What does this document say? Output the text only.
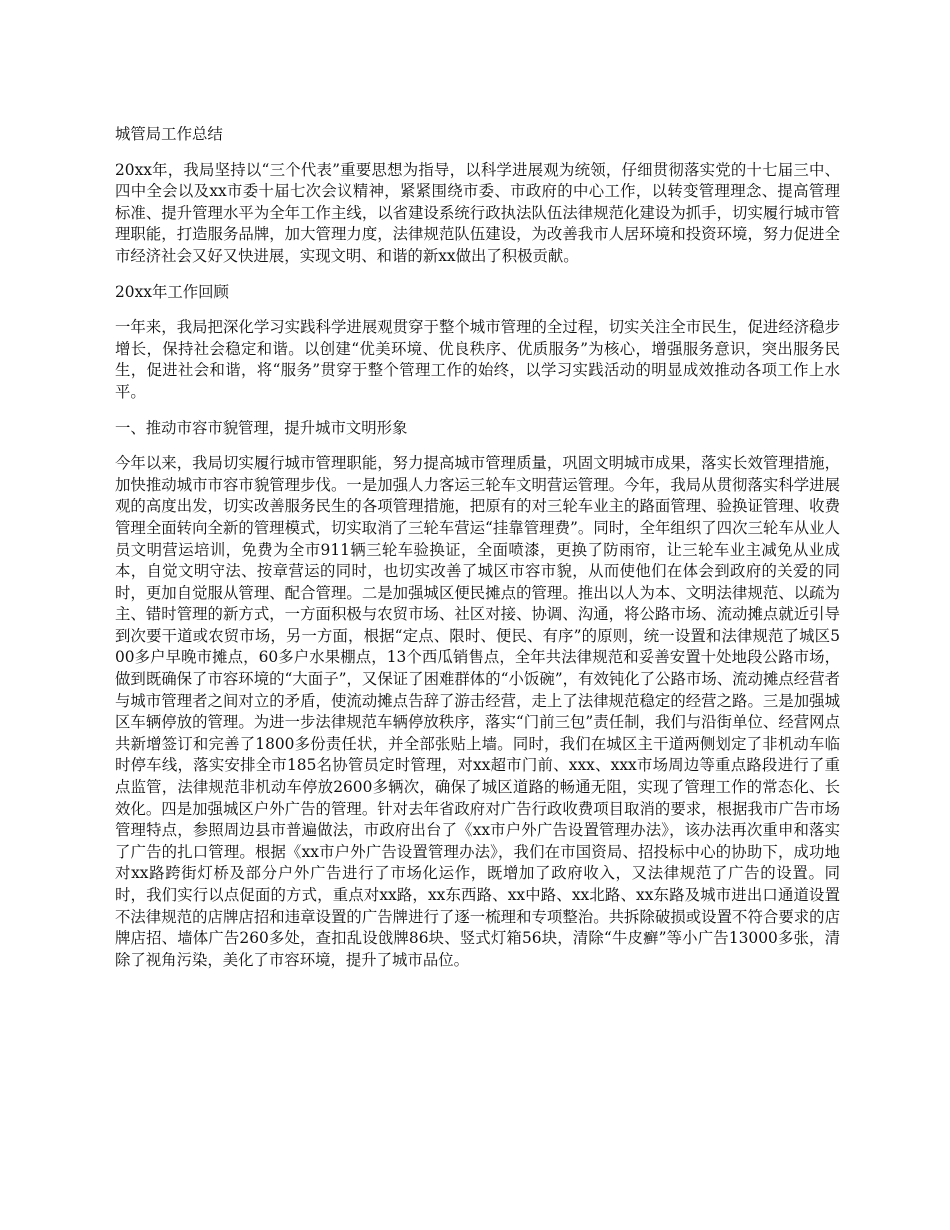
城管局工作总结
20xx年，我局坚持以“三个代表”重要思想为指导，以科学进展观为统领，仔细贯彻落实党的十七届三中、四中全会以及xx市委十届七次会议精神，紧紧围绕市委、市政府的中心工作，以转变管理理念、提高管理标准、提升管理水平为全年工作主线，以省建设系统行政执法队伍法律规范化建设为抓手，切实履行城市管理职能，打造服务品牌，加大管理力度，法律规范队伍建设，为改善我市人居环境和投资环境，努力促进全市经济社会又好又快进展，实现文明、和谐的新xx做出了积极贡献。
20xx年工作回顾
一年来，我局把深化学习实践科学进展观贯穿于整个城市管理的全过程，切实关注全市民生，促进经济稳步增长，保持社会稳定和谐。以创建“优美环境、优良秩序、优质服务”为核心，增强服务意识，突出服务民生，促进社会和谐，将“服务”贯穿于整个管理工作的始终，以学习实践活动的明显成效推动各项工作上水平。
一、推动市容市貌管理，提升城市文明形象
今年以来，我局切实履行城市管理职能，努力提高城市管理质量，巩固文明城市成果，落实长效管理措施，加快推动城市市容市貌管理步伐。一是加强人力客运三轮车文明营运管理。今年，我局从贯彻落实科学进展观的高度出发，切实改善服务民生的各项管理措施，把原有的对三轮车业主的路面管理、验换证管理、收费管理全面转向全新的管理模式，切实取消了三轮车营运“挂靠管理费”。同时，全年组织了四次三轮车从业人员文明营运培训，免费为全市911辆三轮车验换证，全面喷漆，更换了防雨帘，让三轮车业主减免从业成本，自觉文明守法、按章营运的同时，也切实改善了城区市容市貌，从而使他们在体会到政府的关爱的同时，更加自觉服从管理、配合管理。二是加强城区便民摊点的管理。推出以人为本、文明法律规范、以疏为主、错时管理的新方式，一方面积极与农贸市场、社区对接、协调、沟通，将公路市场、流动摊点就近引导到次要干道或农贸市场，另一方面，根据“定点、限时、便民、有序”的原则，统一设置和法律规范了城区500多户早晚市摊点，60多户水果棚点，13个西瓜销售点，全年共法律规范和妥善安置十处地段公路市场，做到既确保了市容环境的“大面子”，又保证了困难群体的“小饭碗”，有效钝化了公路市场、流动摊点经营者与城市管理者之间对立的矛盾，使流动摊点告辞了游击经营，走上了法律规范稳定的经营之路。三是加强城区车辆停放的管理。为进一步法律规范车辆停放秩序，落实“门前三包”责任制，我们与沿街单位、经营网点共新增签订和完善了1800多份责任状，并全部张贴上墙。同时，我们在城区主干道两侧划定了非机动车临时停车线，落实安排全市185名协管员定时管理，对xx超市门前、xxx、xxx市场周边等重点路段进行了重点监管，法律规范非机动车停放2600多辆次，确保了城区道路的畅通无阻，实现了管理工作的常态化、长效化。四是加强城区户外广告的管理。针对去年省政府对广告行政收费项目取消的要求，根据我市广告市场管理特点，参照周边县市普遍做法，市政府出台了《xx市户外广告设置管理办法》，该办法再次重申和落实了广告的扎口管理。根据《xx市户外广告设置管理办法》，我们在市国资局、招投标中心的协助下，成功地对xx路跨街灯桥及部分户外广告进行了市场化运作，既增加了政府收入，又法律规范了广告的设置。同时，我们实行以点促面的方式，重点对xx路，xx东西路、xx中路、xx北路、xx东路及城市进出口通道设置不法律规范的店牌店招和违章设置的广告牌进行了逐一梳理和专项整治。共拆除破损或设置不符合要求的店牌店招、墙体广告260多处，查扣乱设戗牌86块、竖式灯箱56块，清除“牛皮癣”等小广告13000多张，清除了视角污染，美化了市容环境，提升了城市品位。
